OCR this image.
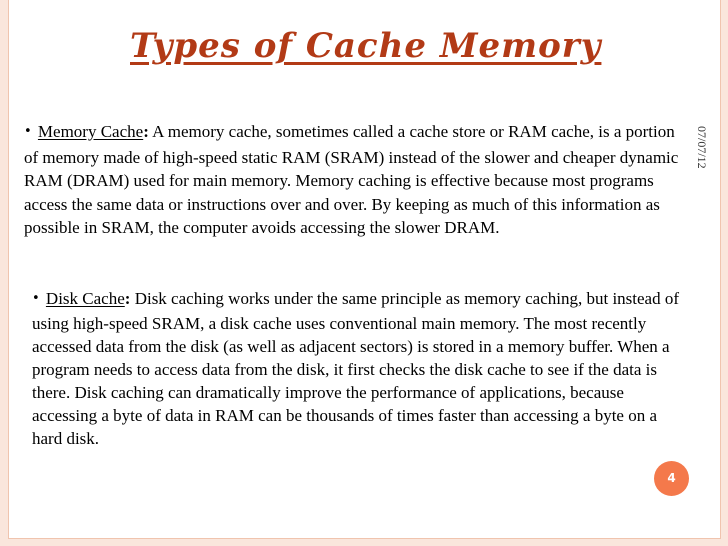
Types of Cache Memory

• Memory Cache: A memory cache, sometimes called a cache store or RAM cache, is a portion of memory made of high-speed static RAM (SRAM) instead of the slower and cheaper dynamic RAM (DRAM) used for main memory. Memory caching is effective because most programs access the same data or instructions over and over. By keeping as much of this information as possible in SRAM, the computer avoids accessing the slower DRAM.

• Disk Cache: Disk caching works under the same principle as memory caching, but instead of using high-speed SRAM, a disk cache uses conventional main memory. The most recently accessed data from the disk (as well as adjacent sectors) is stored in a memory buffer. When a program needs to access data from the disk, it first checks the disk cache to see if the data is there. Disk caching can dramatically improve the performance of applications, because accessing a byte of data in RAM can be thousands of times faster than accessing a byte on a hard disk.

07/07/12
4
